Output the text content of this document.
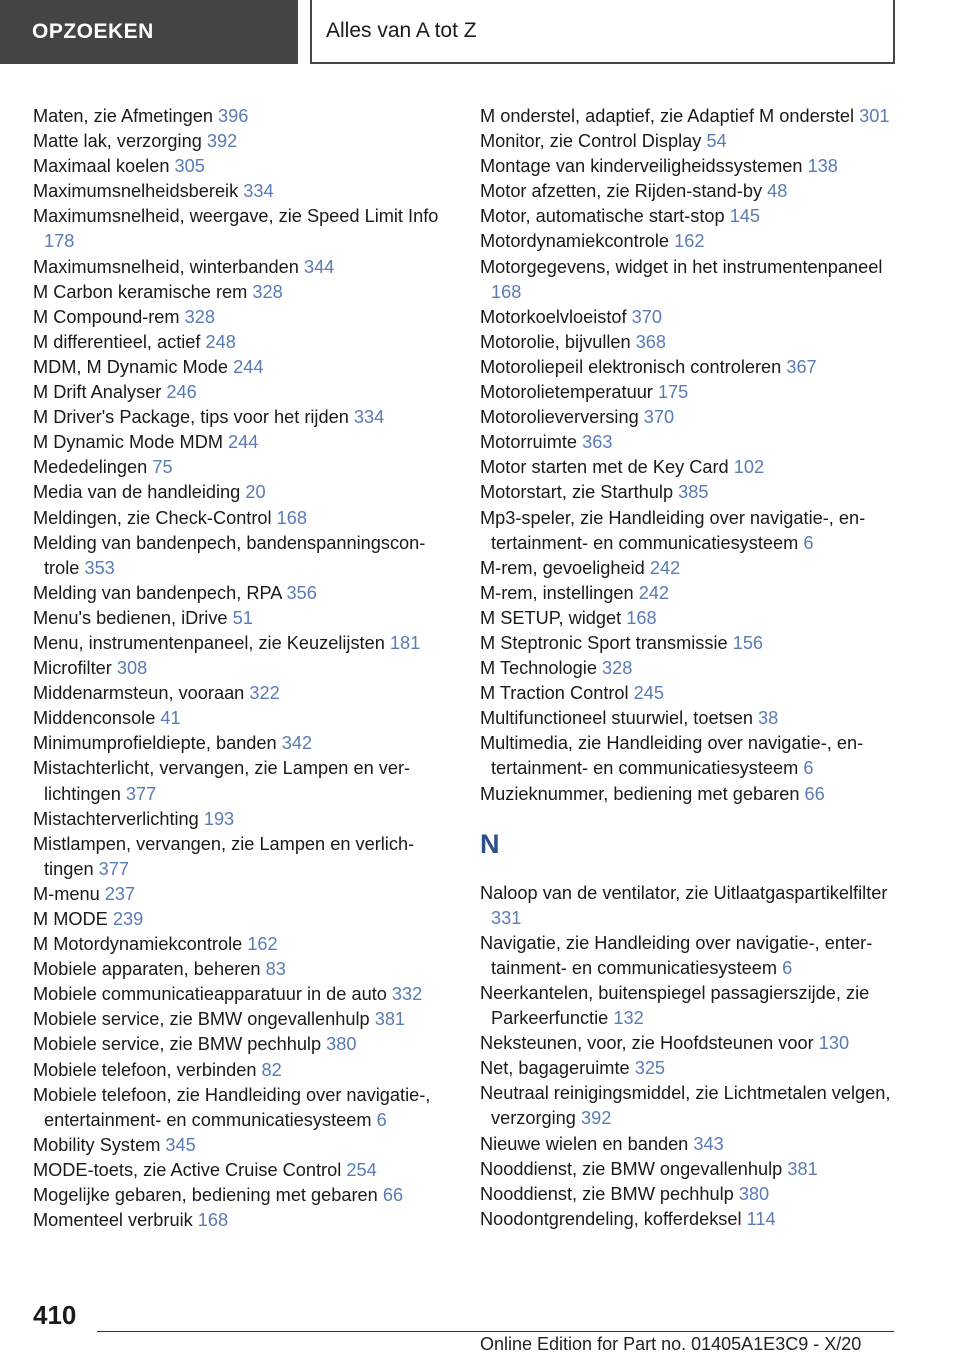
OPZOEKEN	Alles van A tot Z
Maten, zie Afmetingen 396
Matte lak, verzorging 392
Maximaal koelen 305
Maximumsnelheidsbereik 334
Maximumsnelheid, weergave, zie Speed Limit Info 178
Maximumsnelheid, winterbanden 344
M Carbon keramische rem 328
M Compound-rem 328
M differentieel, actief 248
MDM, M Dynamic Mode 244
M Drift Analyser 246
M Driver's Package, tips voor het rijden 334
M Dynamic Mode MDM 244
Mededelingen 75
Media van de handleiding 20
Meldingen, zie Check-Control 168
Melding van bandenpech, bandenspanningscontrole 353
Melding van bandenpech, RPA 356
Menu's bedienen, iDrive 51
Menu, instrumentenpaneel, zie Keuzelijsten 181
Microfilter 308
Middenarmsteun, vooraan 322
Middenconsole 41
Minimumprofieldiepte, banden 342
Mistachterlicht, vervangen, zie Lampen en verlichtingen 377
Mistachterverlichting 193
Mistlampen, vervangen, zie Lampen en verlichtingen 377
M-menu 237
M MODE 239
M Motordynamiekcontrole 162
Mobiele apparaten, beheren 83
Mobiele communicatieapparatuur in de auto 332
Mobiele service, zie BMW ongevallenhulp 381
Mobiele service, zie BMW pechhulp 380
Mobiele telefoon, verbinden 82
Mobiele telefoon, zie Handleiding over navigatie-, entertainment- en communicatiesysteem 6
Mobility System 345
MODE-toets, zie Active Cruise Control 254
Mogelijke gebaren, bediening met gebaren 66
Momenteel verbruik 168
M onderstel, adaptief, zie Adaptief M onderstel 301
Monitor, zie Control Display 54
Montage van kinderveiligheidssystemen 138
Motor afzetten, zie Rijden-stand-by 48
Motor, automatische start-stop 145
Motordynamiekcontrole 162
Motorgegevens, widget in het instrumentenpaneel 168
Motorkoelvloeistof 370
Motorolie, bijvullen 368
Motoroliepeil elektronisch controleren 367
Motorolietemperatuur 175
Motorolieverversing 370
Motorruimte 363
Motor starten met de Key Card 102
Motorstart, zie Starthulp 385
Mp3-speler, zie Handleiding over navigatie-, entertainment- en communicatiesysteem 6
M-rem, gevoeligheid 242
M-rem, instellingen 242
M SETUP, widget 168
M Steptronic Sport transmissie 156
M Technologie 328
M Traction Control 245
Multifunctioneel stuurwiel, toetsen 38
Multimedia, zie Handleiding over navigatie-, entertainment- en communicatiesysteem 6
Muzieknummer, bediening met gebaren 66
N
Naloop van de ventilator, zie Uitlaatgaspartikelfilter 331
Navigatie, zie Handleiding over navigatie-, entertainment- en communicatiesysteem 6
Neerkantelen, buitenspiegel passagierszijde, zie Parkeerfunctie 132
Neksteunen, voor, zie Hoofdsteunen voor 130
Net, bagageruimte 325
Neutraal reinigingsmiddel, zie Lichtmetalen velgen, verzorging 392
Nieuwe wielen en banden 343
Nooddienst, zie BMW ongevallenhulp 381
Nooddienst, zie BMW pechhulp 380
Noodontgrendeling, kofferdeksel 114
410
Online Edition for Part no. 01405A1E3C9 - X/20
